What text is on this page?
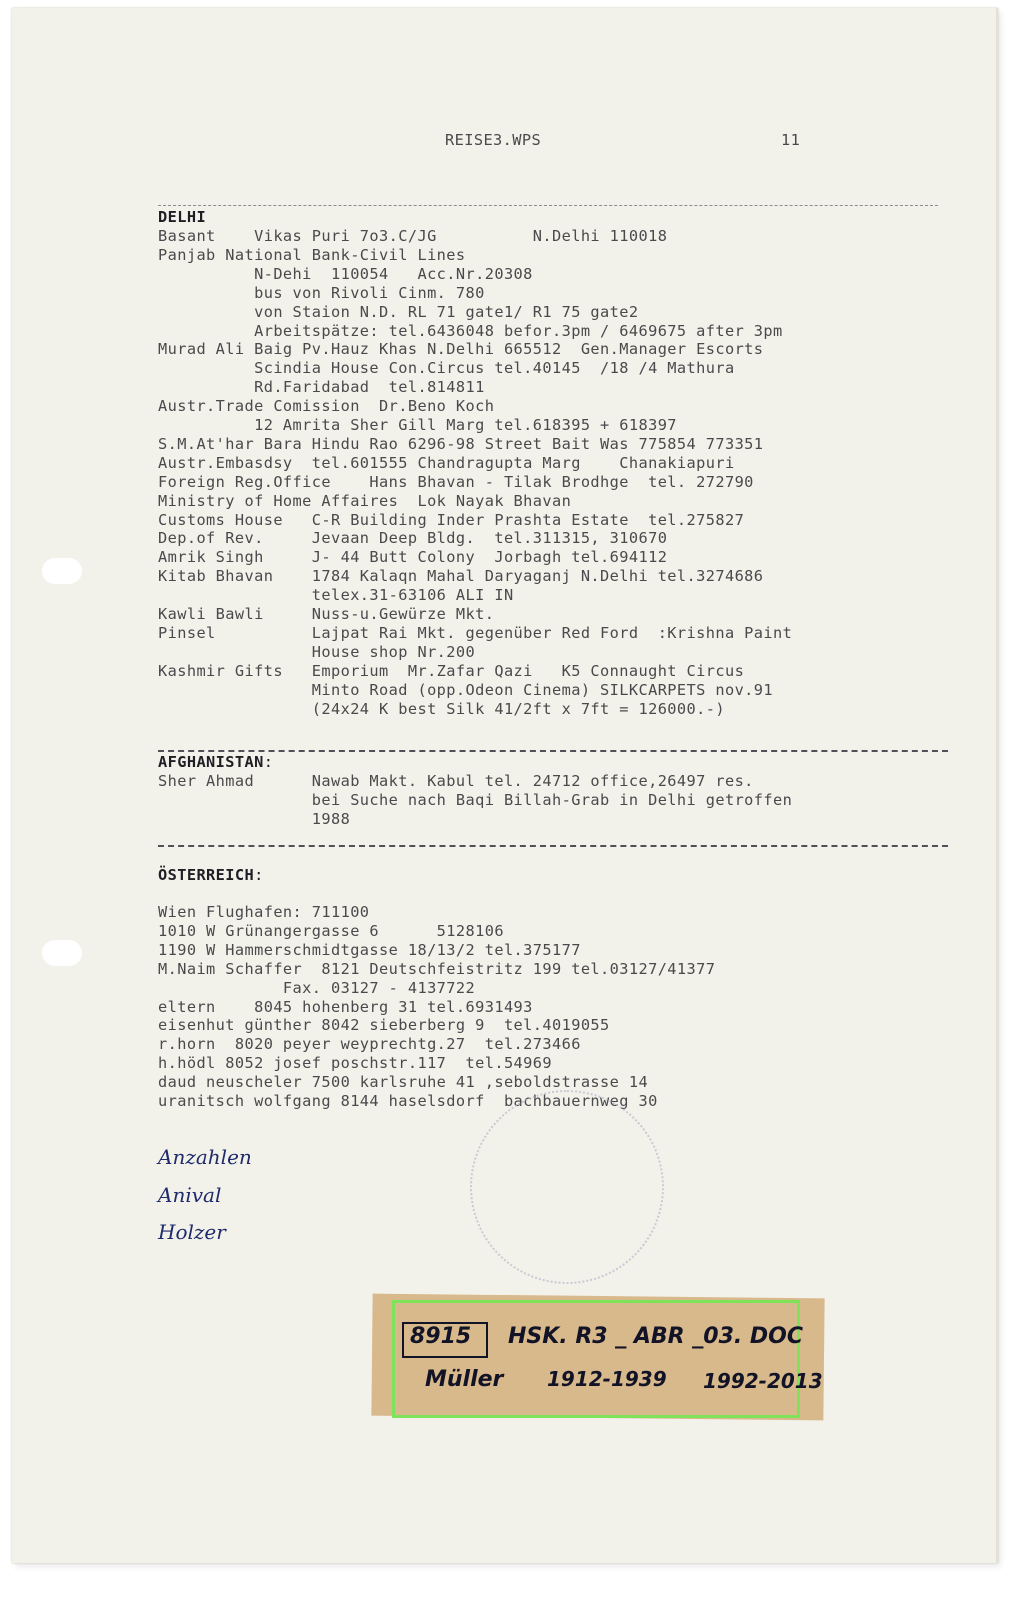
REISE3.WPS	11
DELHI
Basant    Vikas Puri 7o3.C/JG          N.Delhi 110018
Panjab National Bank-Civil Lines
N-Dehi  110054   Acc.Nr.20308
bus von Rivoli Cinm. 780
von Staion N.D. RL 71 gate1/ R1 75 gate2
Arbeitspätze: tel.6436048 befor.3pm / 6469675 after 3pm
Murad Ali Baig Pv.Hauz Khas N.Delhi 665512  Gen.Manager Escorts
Scindia House Con.Circus tel.40145  /18 /4 Mathura
Rd.Faridabad  tel.814811
Austr.Trade Comission  Dr.Beno Koch
12 Amrita Sher Gill Marg tel.618395 + 618397
S.M.At'har Bara Hindu Rao 6296-98 Street Bait Was 775854 773351
Austr.Embasdsy  tel.601555 Chandragupta Marg    Chanakiapuri
Foreign Reg.Office    Hans Bhavan - Tilak Brodhge  tel. 272790
Ministry of Home Affaires  Lok Nayak Bhavan
Customs House   C-R Building Inder Prashta Estate  tel.275827
Dep.of Rev.     Jevaan Deep Bldg.  tel.311315, 310670
Amrik Singh     J- 44 Butt Colony  Jorbagh tel.694112
Kitab Bhavan    1784 Kalaqn Mahal Daryaganj N.Delhi tel.3274686
telex.31-63106 ALI IN
Kawli Bawli     Nuss-u.Gewürze Mkt.
Pinsel          Lajpat Rai Mkt. gegenüber Red Ford  :Krishna Paint
House shop Nr.200
Kashmir Gifts   Emporium  Mr.Zafar Qazi   K5 Connaught Circus
Minto Road (opp.Odeon Cinema) SILKCARPETS nov.91
(24x24 K best Silk 41/2ft x 7ft = 126000.-)
AFGHANISTAN:
Sher Ahmad      Nawab Makt. Kabul tel. 24712 office,26497 res.
bei Suche nach Baqi Billah-Grab in Delhi getroffen
1988
ÖSTERREICH:
Wien Flughafen: 711100
1010 W Grünangergasse 6      5128106
1190 W Hammerschmidtgasse 18/13/2 tel.375177
M.Naim Schaffer  8121 Deutschfeistritz 199 tel.03127/41377
Fax. 03127 - 4137722
eltern    8045 hohenberg 31 tel.6931493
eisenhut günther 8042 sieberberg 9  tel.4019055
r.horn  8020 peyer weyprechtg.27  tel.273466
h.hödl 8052 josef poschstr.117  tel.54969
daud neuscheler 7500 karlsruhe 41 ,seboldstrasse 14
uranitsch wolfgang 8144 haselsdorf  bachbauernweg 30
Anzahlen
Anival
Holzer
8915 HSK. R3 _ ABR _03. DOC
Müller 1912-1939 1992-2013
